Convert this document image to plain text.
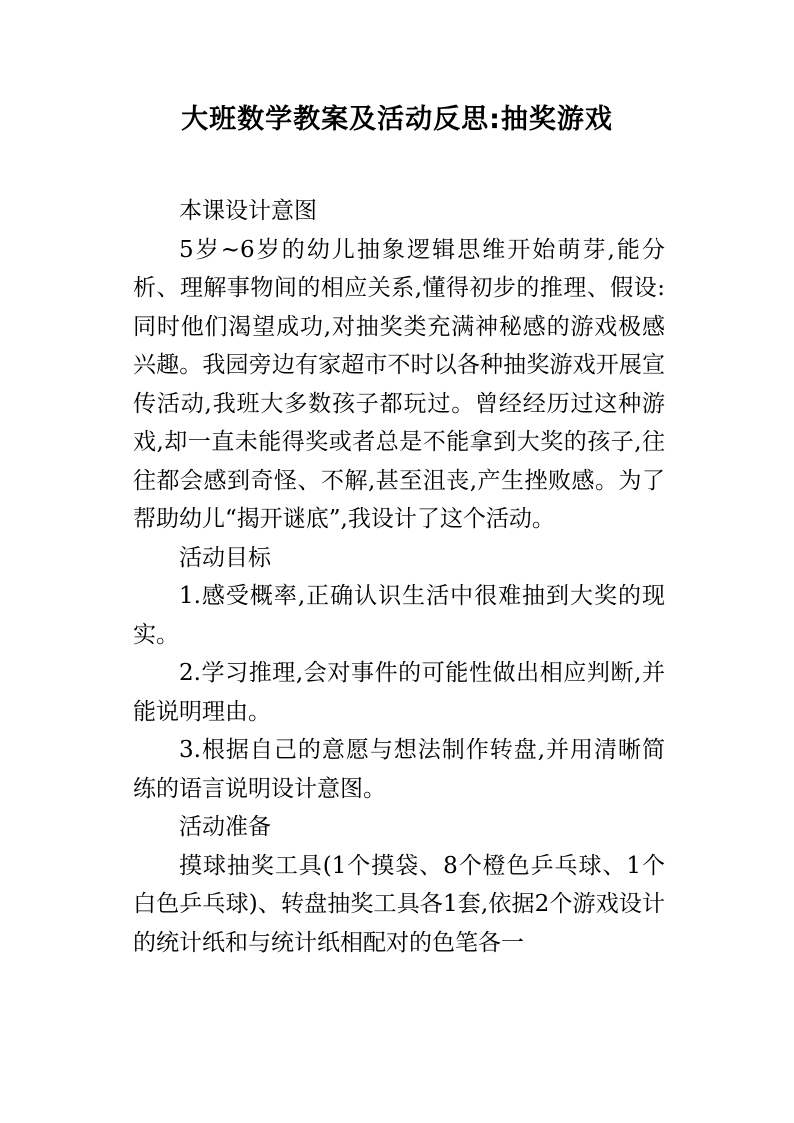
大班数学教案及活动反思:抽奖游戏

本课设计意图

5岁~6岁的幼儿抽象逻辑思维开始萌芽,能分析、理解事物间的相应关系,懂得初步的推理、假设:同时他们渴望成功,对抽奖类充满神秘感的游戏极感兴趣。我园旁边有家超市不时以各种抽奖游戏开展宣传活动,我班大多数孩子都玩过。曾经经历过这种游戏,却一直未能得奖或者总是不能拿到大奖的孩子,往往都会感到奇怪、不解,甚至沮丧,产生挫败感。为了帮助幼儿“揭开谜底”,我设计了这个活动。

活动目标

1.感受概率,正确认识生活中很难抽到大奖的现实。

2.学习推理,会对事件的可能性做出相应判断,并能说明理由。

3.根据自己的意愿与想法制作转盘,并用清晰简练的语言说明设计意图。

活动准备

摸球抽奖工具(1个摸袋、8个橙色乒乓球、1个白色乒乓球)、转盘抽奖工具各1套,依据2个游戏设计的统计纸和与统计纸相配对的色笔各一
